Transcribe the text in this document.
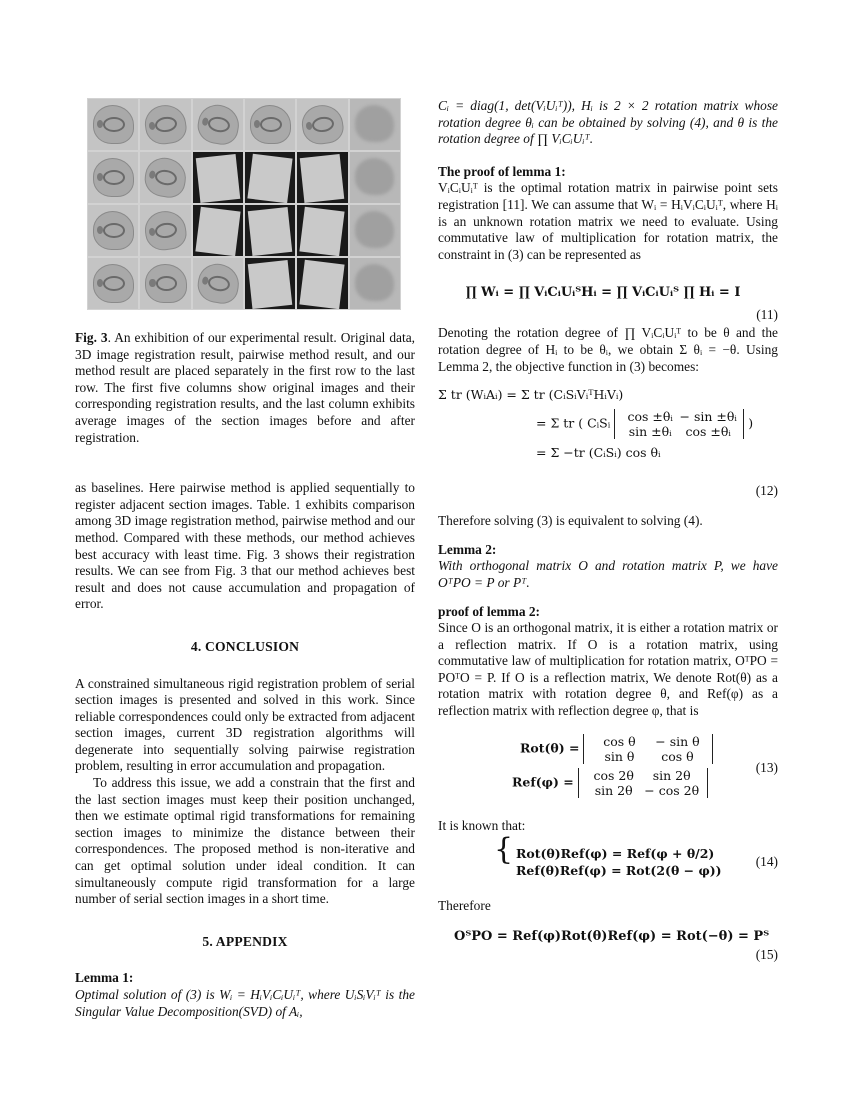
Fig. 3. An exhibition of our experimental result. Original data, 3D image registration result, pairwise method result, and our method result are placed separately in the first row to the last row. The first five columns show original images and their corresponding registration results, and the last column exhibits average images of the section images before and after registration.

as baselines. Here pairwise method is applied sequentially to register adjacent section images. Table. 1 exhibits comparison among 3D image registration method, pairwise method and our method. Compared with these methods, our method achieves best accuracy with least time. Fig. 3 shows their registration results. We can see from Fig. 3 that our method achieves best result and does not cause accumulation and propagation of error.

4. CONCLUSION

A constrained simultaneous rigid registration problem of serial section images is presented and solved in this work. Since reliable correspondences could only be extracted from adjacent section images, current 3D registration algorithms will degenerate into sequentially solving pairwise registration problem, resulting in error accumulation and propagation.

To address this issue, we add a constrain that the first and the last section images must keep their position unchanged, then we estimate optimal rigid transformations for remaining section images to minimize the distance between their correspondences. The proposed method is non-iterative and can get optimal solution under ideal condition. It can simultaneously compute rigid transformation for a large number of serial section images in a short time.

5. APPENDIX

Lemma 1:

Optimal solution of (3) is Wᵢ = HᵢVᵢCᵢUᵢᵀ, where UᵢSᵢVᵢᵀ is the Singular Value Decomposition(SVD) of Aᵢ,

Cᵢ = diag(1, det(VᵢUᵢᵀ)), Hᵢ is 2 × 2 rotation matrix whose rotation degree θᵢ can be obtained by solving (4), and θ is the rotation degree of ∏ VᵢCᵢUᵢᵀ.

The proof of lemma 1:

VᵢCᵢUᵢᵀ is the optimal rotation matrix in pairwise point sets registration [11]. We can assume that Wᵢ = HᵢVᵢCᵢUᵢᵀ, where Hᵢ is an unknown rotation matrix we need to evaluate. Using commutative law of multiplication for rotation matrix, the constraint in (3) can be represented as

∏ Wᵢ = ∏ VᵢCᵢUᵢᵀHᵢ = ∏ VᵢCᵢUᵢᵀ ∏ Hᵢ = I
(11)

Denoting the rotation degree of ∏ VᵢCᵢUᵢᵀ to be θ and the rotation degree of Hᵢ to be θᵢ, we obtain Σ θᵢ = −θ. Using Lemma 2, the objective function in (3) becomes:

Σ tr (WᵢAᵢ) = Σ tr (CᵢSᵢVᵢᵀHᵢVᵢ)
= Σ tr ( CᵢSᵢ cos ±θᵢ − sin ±θᵢ
sin ±θᵢ cos ±θᵢ )
= Σ −tr (CᵢSᵢ) cos θᵢ
(12)

Therefore solving (3) is equivalent to solving (4).

Lemma 2:

With orthogonal matrix O and rotation matrix P, we have OᵀPO = P or Pᵀ.

proof of lemma 2:

Since O is an orthogonal matrix, it is either a rotation matrix or a reflection matrix. If O is a rotation matrix, using commutative law of multiplication for rotation matrix, OᵀPO = POᵀO = P. If O is a reflection matrix, We denote Rot(θ) as a rotation matrix with rotation degree θ, and Ref(φ) as a reflection matrix with reflection degree φ, that is

Rot(θ) = cos θ − sin θ
sin θ cos θ
Ref(φ) = cos 2θ sin 2θ
sin 2θ − cos 2θ
(13)

It is known that:

{ Rot(θ)Ref(φ) = Ref(φ + θ/2)
Ref(θ)Ref(φ) = Rot(2(θ − φ))
(14)

Therefore

OᵀPO = Ref(φ)Rot(θ)Ref(φ) = Rot(−θ) = Pᵀ
(15)
